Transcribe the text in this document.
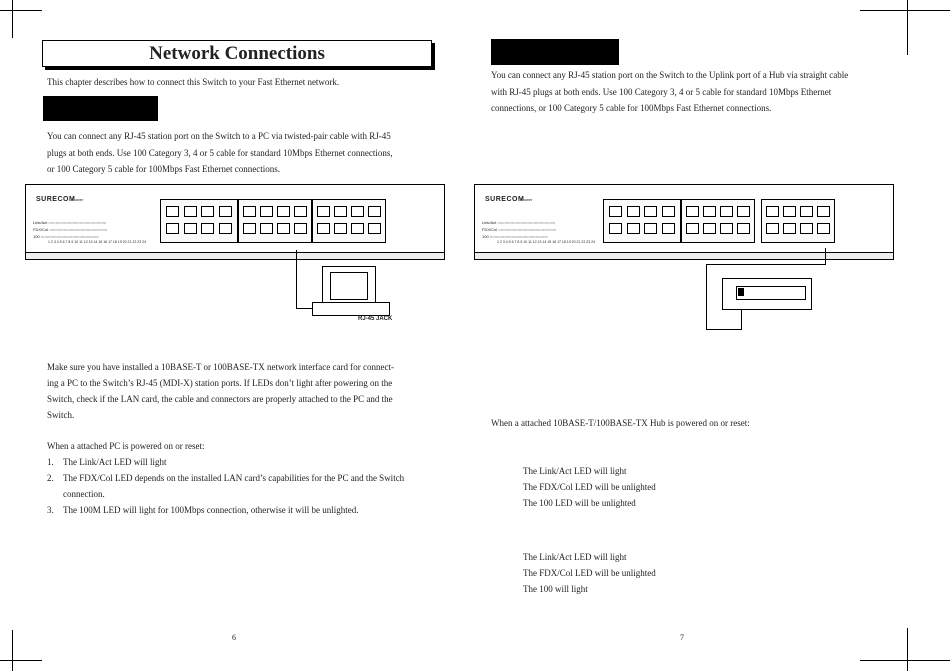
Network Connections
This chapter describes how to connect this Switch to your Fast Ethernet network.
You can connect any RJ-45 station port on the Switch to a PC via twisted-pair cable with RJ-45
plugs at both ends. Use 100 Category 3, 4 or 5 cable for standard 10Mbps Ethernet connections,
or 100 Category 5 cable for 100Mbps Fast Ethernet connections.
SURECOM
Power
Link/Act ○○○○○○○○○○○○○○○○○○○○○○○○
FDX/Col ○○○○○○○○○○○○○○○○○○○○○○○○
100 ○○○○○○○○○○○○○○○○○○○○○○○○
1 2 3 4 5 6 7 8 9 10 11 12 13 14 15 16 17 18 19 20 21 22 23 24
RJ-45 JACK
Make sure you have installed a 10BASE-T or 100BASE-TX network interface card for connect-
ing a PC to the Switch’s RJ-45 (MDI-X) station ports. If LEDs don’t light after powering on the
Switch, check if the LAN card, the cable and connectors are properly attached to the PC and the
Switch.
When a attached PC is powered on or reset:
1. The Link/Act LED will light
2. The FDX/Col LED depends on the installed LAN card’s capabilities for the PC and the Switch
connection.
3. The 100M LED will light for 100Mbps connection, otherwise it will be unlighted.
6
You can connect any RJ-45 station port on the Switch to the Uplink port of a Hub via straight cable
with RJ-45 plugs at both ends. Use 100 Category 3, 4 or 5 cable for standard 10Mbps Ethernet
connections, or 100 Category 5 cable for 100Mbps Fast Ethernet connections.
SURECOM
Power
Link/Act ○○○○○○○○○○○○○○○○○○○○○○○○
FDX/Col ○○○○○○○○○○○○○○○○○○○○○○○○
100 ○○○○○○○○○○○○○○○○○○○○○○○○
1 2 3 4 5 6 7 8 9 10 11 12 13 14 15 16 17 18 19 20 21 22 23 24
When a attached 10BASE-T/100BASE-TX Hub is powered on or reset:
The Link/Act LED will light
The FDX/Col LED will be unlighted
The 100 LED will be unlighted
The Link/Act LED will light
The FDX/Col LED will be unlighted
The 100 will light
7
